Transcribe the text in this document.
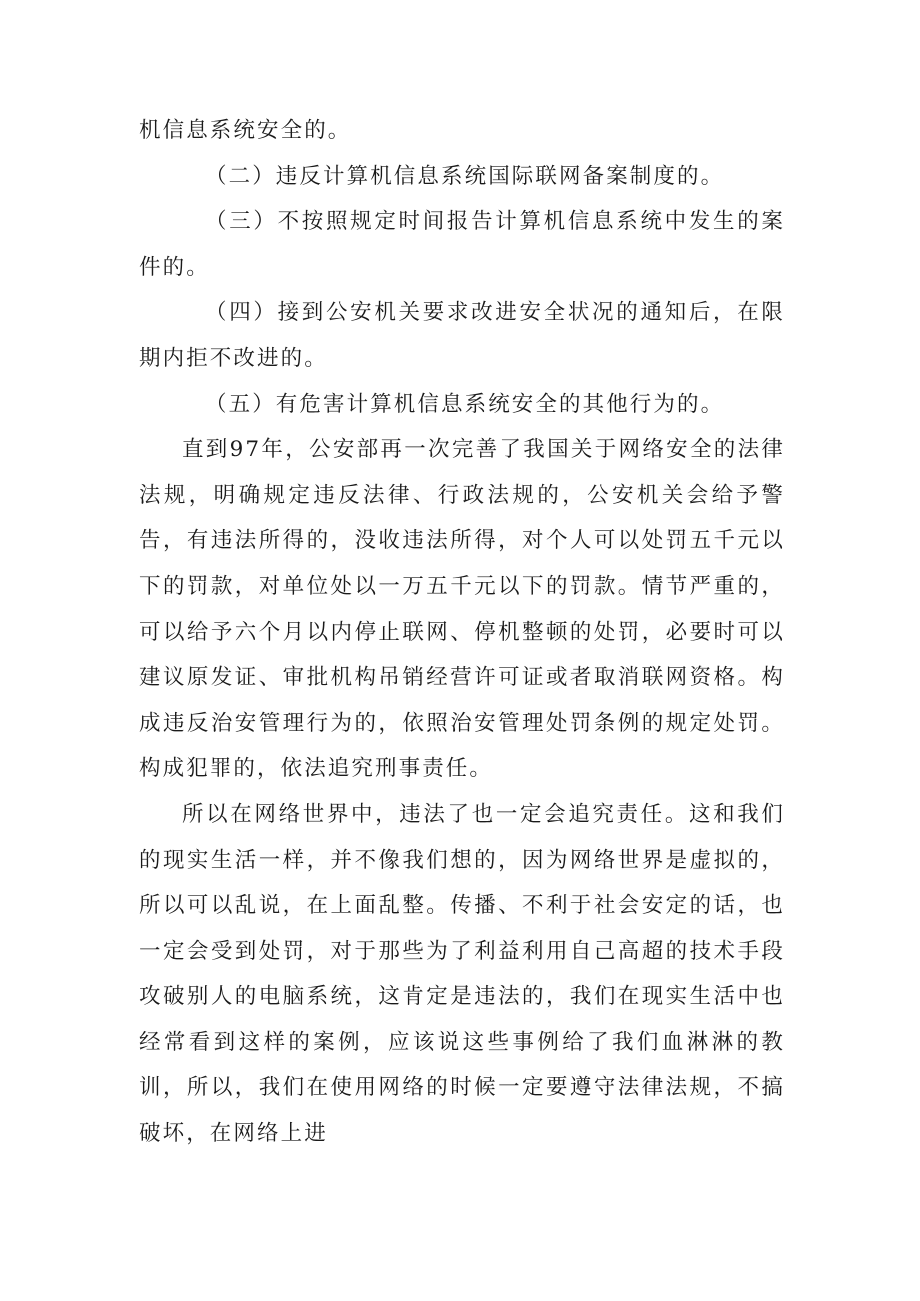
机信息系统安全的。

（二）违反计算机信息系统国际联网备案制度的。

（三）不按照规定时间报告计算机信息系统中发生的案件的。

（四）接到公安机关要求改进安全状况的通知后，在限期内拒不改进的。

（五）有危害计算机信息系统安全的其他行为的。

直到97年，公安部再一次完善了我国关于网络安全的法律法规，明确规定违反法律、行政法规的，公安机关会给予警告，有违法所得的，没收违法所得，对个人可以处罚五千元以下的罚款，对单位处以一万五千元以下的罚款。情节严重的，可以给予六个月以内停止联网、停机整顿的处罚，必要时可以建议原发证、审批机构吊销经营许可证或者取消联网资格。构成违反治安管理行为的，依照治安管理处罚条例的规定处罚。构成犯罪的，依法追究刑事责任。

所以在网络世界中，违法了也一定会追究责任。这和我们的现实生活一样，并不像我们想的，因为网络世界是虚拟的，所以可以乱说，在上面乱整。传播、不利于社会安定的话，也一定会受到处罚，对于那些为了利益利用自己高超的技术手段攻破别人的电脑系统，这肯定是违法的，我们在现实生活中也经常看到这样的案例，应该说这些事例给了我们血淋淋的教训，所以，我们在使用网络的时候一定要遵守法律法规，不搞破坏，在网络上进
